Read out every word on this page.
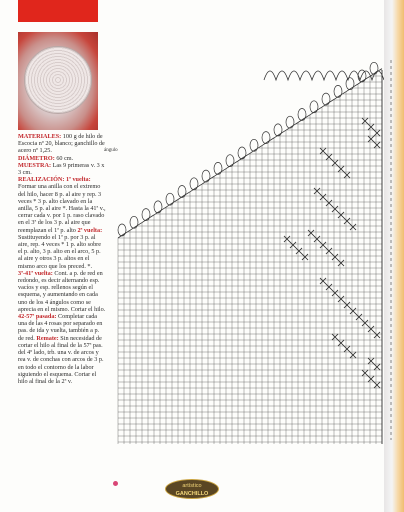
MATERIALES: 100 g de hilo de Escocia nº 20, blanco; ganchillo de acero nº 1,25.

DIÁMETRO: 60 cm.

MUESTRA: Las 9 primeras v. 3 x 3 cm.

REALIZACIÓN: 1ª vuelta: Formar una anilla con el extremo del hilo, hacer 8 p. al aire y rep. 3 veces * 3 p. alto clavado en la anilla, 5 p. al aire *. Hasta la 41ª v., cerrar cada v. por 1 p. raso clavado en el 3ª de los 3 p. al aire que reemplazan el 1ª p. alto 2ª vuelta: Sustituyendo el 1ª p. por 3 p. al aire, rep. 4 veces * 1 p. alto sobre el p. alto, 3 p. alto en el arco, 5 p. al aire y otros 3 p. altos en el mismo arco que los preced. *. 3ª-41ª vuelta: Cont. a p. de red en redondo, es decir alternando esp. vacíos y esp. rellenos según el esquema, y aumentando en cada uno de los 4 ángulos como se aprecia en el mismo. Cortar el hilo. 42-57ª pasada: Completar cada una de las 4 rosas por separado en pas. de ida y vuelta, también a p. de red. Remate: Sin necesidad de cortar el hilo al final de la 57ª pas. del 4º lado, trb. una v. de arcos y rea v. de conchas con arcos de 3 p. en todo el contorno de la labor siguiendo el esquema. Cortar el hilo al final de la 2ª v.

ángulo
artístico
GANCHILLO
